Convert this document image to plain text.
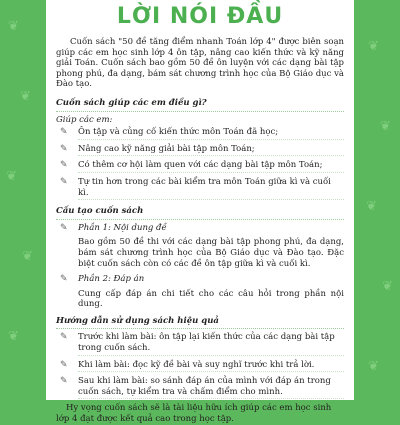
❦
❦
❦
❦
❦
❦
❦
❦
❦
❦
LỜI NÓI ĐẦU

Cuốn sách "50 đề tăng điểm nhanh Toán lớp 4" được biên soạn giúp các em học sinh lớp 4 ôn tập, nâng cao kiến thức và kỹ năng giải Toán. Cuốn sách bao gồm 50 đề ôn luyện với các dạng bài tập phong phú, đa dạng, bám sát chương trình học của Bộ Giáo dục và Đào tạo.

Cuốn sách giúp các em điều gì?
Giúp các em:
✎ Ôn tập và củng cố kiến thức môn Toán đã học;
✎ Nâng cao kỹ năng giải bài tập môn Toán;
✎ Có thêm cơ hội làm quen với các dạng bài tập môn Toán;
✎ Tự tin hơn trong các bài kiểm tra môn Toán giữa kì và cuối kì.
Cấu tạo cuốn sách
✎ Phần 1: Nội dung đề

Bao gồm 50 đề thi với các dạng bài tập phong phú, đa dạng, bám sát chương trình học của Bộ Giáo dục và Đào tạo. Đặc biệt cuốn sách còn có các đề ôn tập giữa kì và cuối kì.

✎ Phần 2: Đáp án

Cung cấp đáp án chi tiết cho các câu hỏi trong phần nội dung.

Hướng dẫn sử dụng sách hiệu quả
✎ Trước khi làm bài: ôn tập lại kiến thức của các dạng bài tập trong cuốn sách.
✎ Khi làm bài: đọc kỹ đề bài và suy nghĩ trước khi trả lời.
✎ Sau khi làm bài: so sánh đáp án của mình với đáp án trong cuốn sách, tự kiểm tra và chấm điểm cho mình.

Hy vọng cuốn sách sẽ là tài liệu hữu ích giúp các em học sinh lớp 4 đạt được kết quả cao trong học tập.
